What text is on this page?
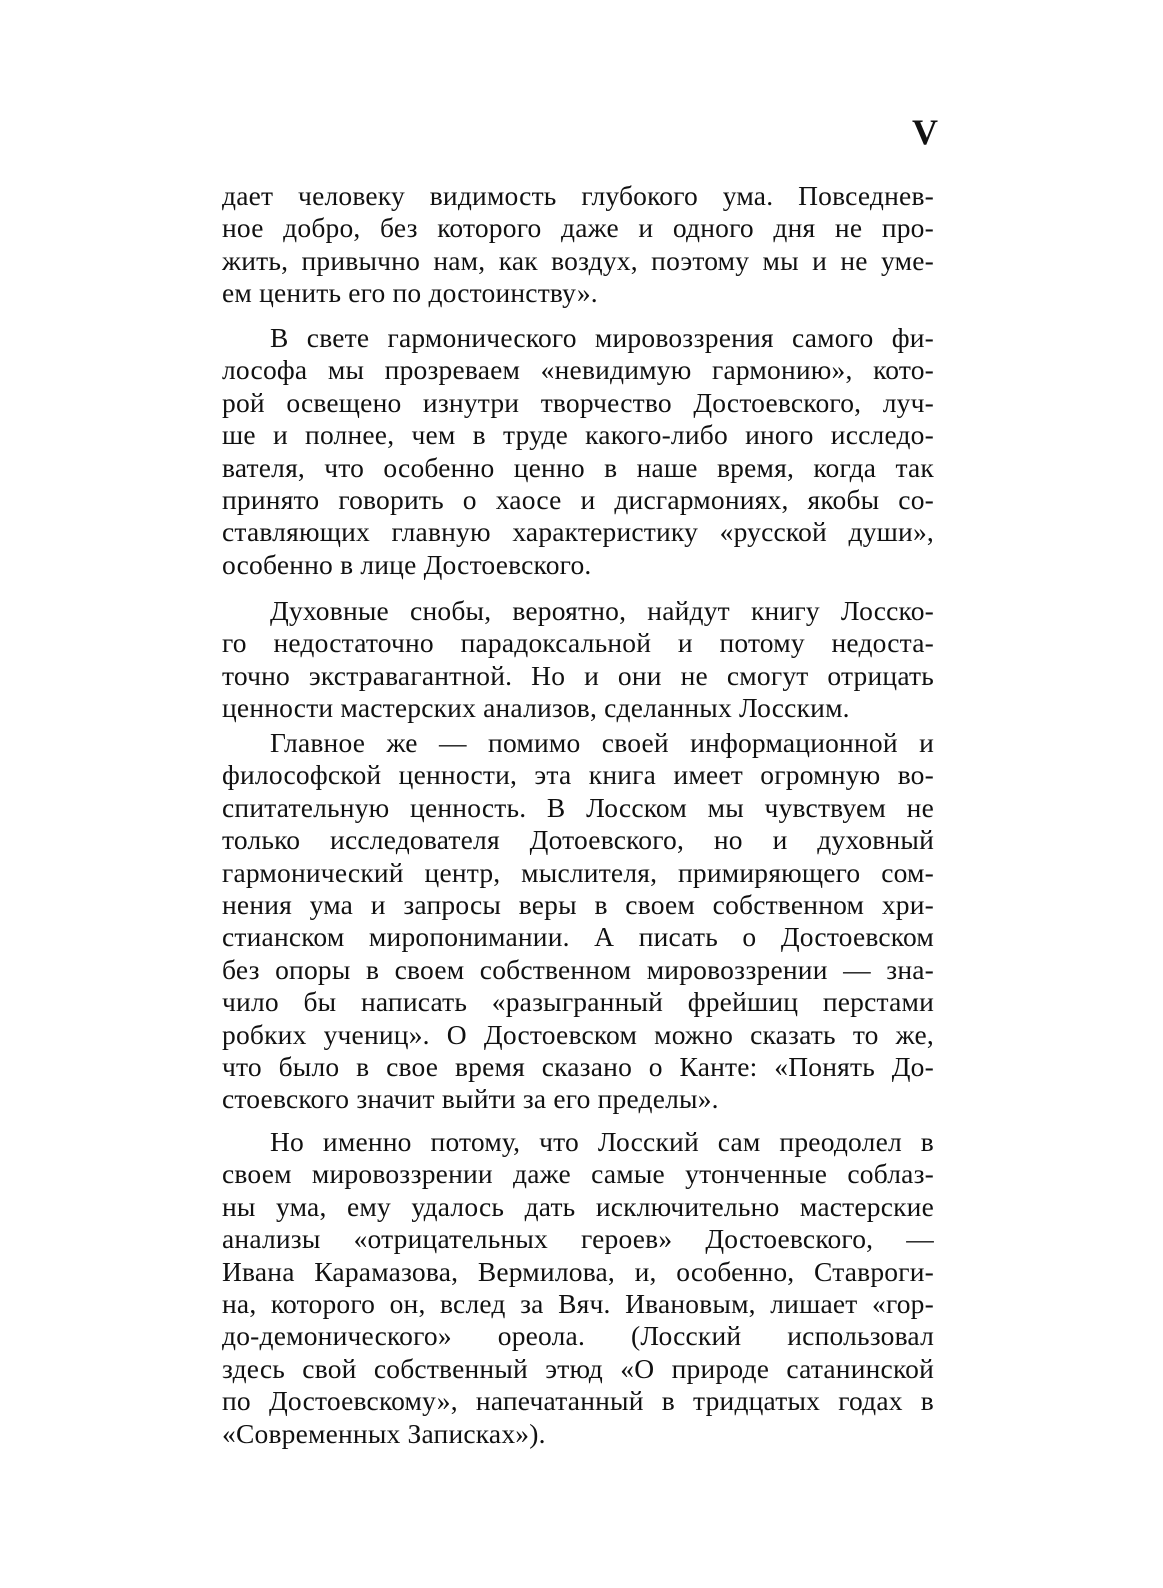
V
дает человеку видимость глубокого ума. Повседнев-
ное добро, без которого даже и одного дня не про-
жить, привычно нам, как воздух, поэтому мы и не уме-
ем ценить его по достоинству».
В свете гармонического мировоззрения самого фи-
лософа мы прозреваем «невидимую гармонию», кото-
рой освещено изнутри творчество Достоевского, луч-
ше и полнее, чем в труде какого-либо иного исследо-
вателя, что особенно ценно в наше время, когда так
принято говорить о хаосе и дисгармониях, якобы со-
ставляющих главную характеристику «русской души»,
особенно в лице Достоевского.
Духовные снобы, вероятно, найдут книгу Лосско-
го недостаточно парадоксальной и потому недоста-
точно экстравагантной. Но и они не смогут отрицать
ценности мастерских анализов, сделанных Лосским.
Главное же — помимо своей информационной и
философской ценности, эта книга имеет огромную во-
спитательную ценность. В Лосском мы чувствуем не
только исследователя Дотоевского, но и духовный
гармонический центр, мыслителя, примиряющего сом-
нения ума и запросы веры в своем собственном хри-
стианском миропонимании. А писать о Достоевском
без опоры в своем собственном мировоззрении — зна-
чило бы написать «разыгранный фрейшиц перстами
робких учениц». О Достоевском можно сказать то же,
что было в свое время сказано о Канте: «Понять До-
стоевского значит выйти за его пределы».
Но именно потому, что Лосский сам преодолел в
своем мировоззрении даже самые утонченные соблаз-
ны ума, ему удалось дать исключительно мастерские
анализы «отрицательных героев» Достоевского, —
Ивана Карамазова, Вермилова, и, особенно, Ставроги-
на, которого он, вслед за Вяч. Ивановым, лишает «гор-
до-демонического» ореола. (Лосский использовал
здесь свой собственный этюд «О природе сатанинской
по Достоевскому», напечатанный в тридцатых годах в
«Современных Записках»).
